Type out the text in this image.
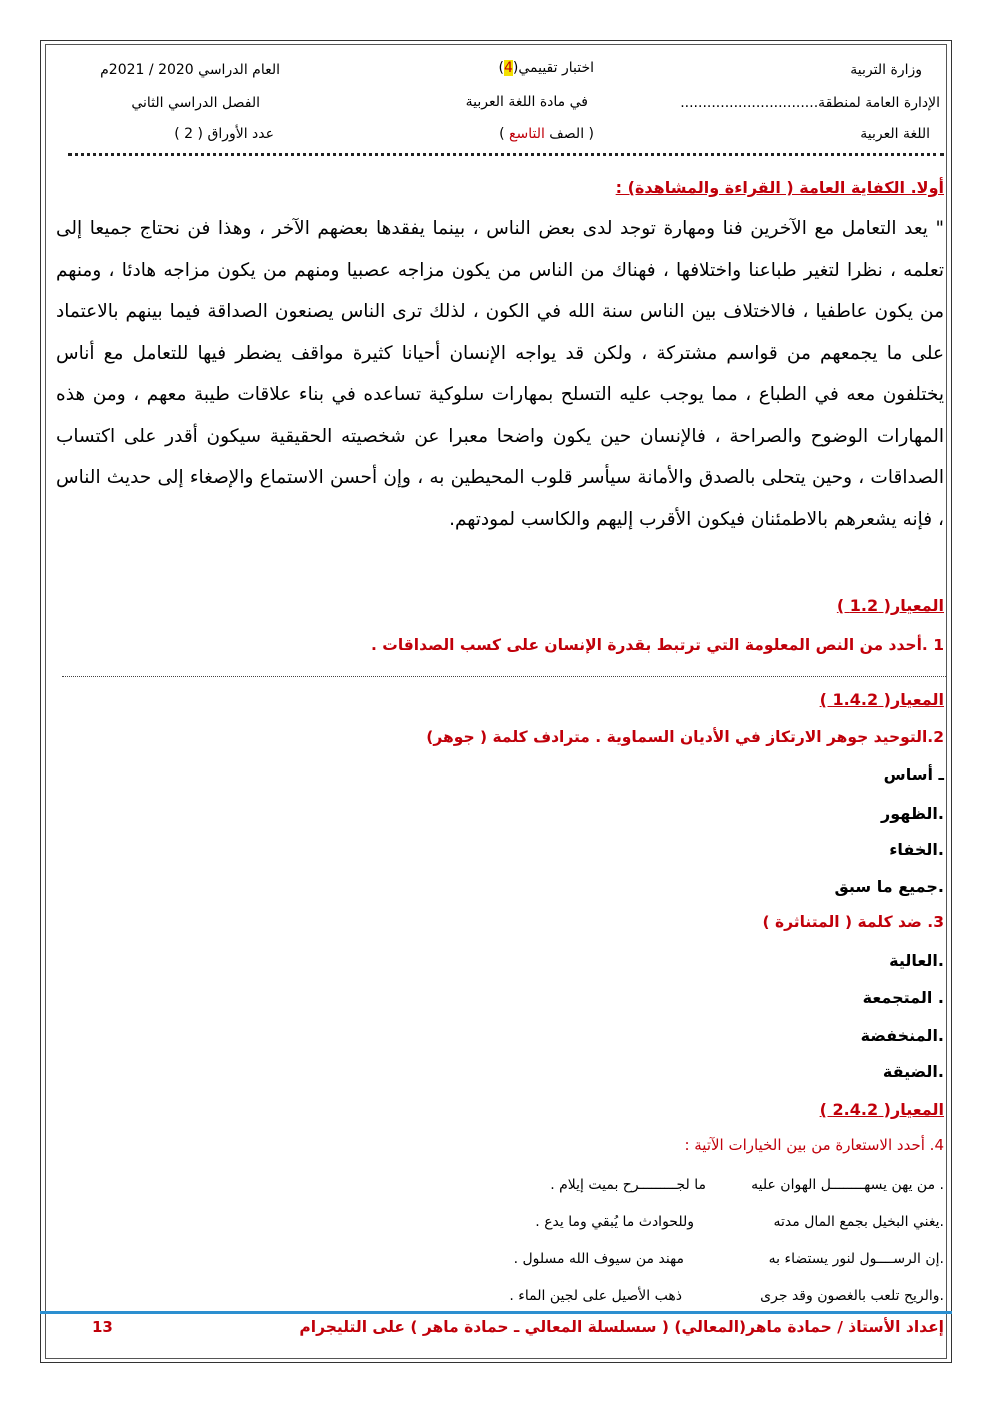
وزارة التربية
الإدارة العامة لمنطقة...............................
اللغة العربية
اختبار تقييمي(4)
في مادة اللغة العربية
( الصف التاسع )
العام الدراسي 2020 / 2021م
الفصل الدراسي الثاني
عدد الأوراق ( 2 )
أولا. الكفاية العامة ( القراءة والمشاهدة) :
" يعد التعامل مع الآخرين فنا ومهارة توجد لدى بعض الناس ، بينما يفقدها بعضهم الآخر ، وهذا فن نحتاج جميعا إلى تعلمه ، نظرا لتغير طباعنا واختلافها ، فهناك من الناس من يكون مزاجه عصبيا ومنهم من يكون مزاجه هادئا ، ومنهم من يكون عاطفيا ، فالاختلاف بين الناس سنة الله في الكون ، لذلك ترى الناس يصنعون الصداقة فيما بينهم بالاعتماد على ما يجمعهم من قواسم مشتركة ، ولكن قد يواجه الإنسان أحيانا كثيرة مواقف يضطر فيها للتعامل مع أناس يختلفون معه في الطباع ، مما يوجب عليه التسلح بمهارات سلوكية تساعده في بناء علاقات طيبة معهم ، ومن هذه المهارات الوضوح والصراحة ، فالإنسان حين يكون واضحا معبرا عن شخصيته الحقيقية سيكون أقدر على اكتساب الصداقات ، وحين يتحلى بالصدق والأمانة سيأسر قلوب المحيطين به ، وإن أحسن الاستماع والإصغاء إلى حديث الناس ، فإنه يشعرهم بالاطمئنان فيكون الأقرب إليهم والكاسب لمودتهم.
المعيار( 1.2 )
1 .أحدد من النص المعلومة التي ترتبط بقدرة الإنسان على كسب الصداقات .
المعيار( 1.4.2 )
2.التوحيد جوهر الارتكاز في الأديان السماوية . مترادف كلمة ( جوهر)
ـ أساس
.الظهور
.الخفاء
.جميع ما سبق
3. ضد كلمة ( المتناثرة )
.العالية
. المتجمعة
.المنخفضة
.الضيقة
المعيار( 2.4.2 )
4. أحدد الاستعارة من بين الخيارات الآتية :
. من يهن يسهــــــــل الهوان عليه
ما لجـــــــــرح بميت إيلام .
.يغني البخيل بجمع المال مدته
وللحوادث ما يُبقي وما يدع .
.إن الرســــول لنور يستضاء به
مهند من سيوف الله مسلول .
.والريح تلعب بالغصون وقد جرى
ذهب الأصيل على لجين الماء .
إعداد الأستاذ / حمادة ماهر(المعالي) ( سسلسلة المعالي ـ حمادة ماهر ) على التليجرام
13
